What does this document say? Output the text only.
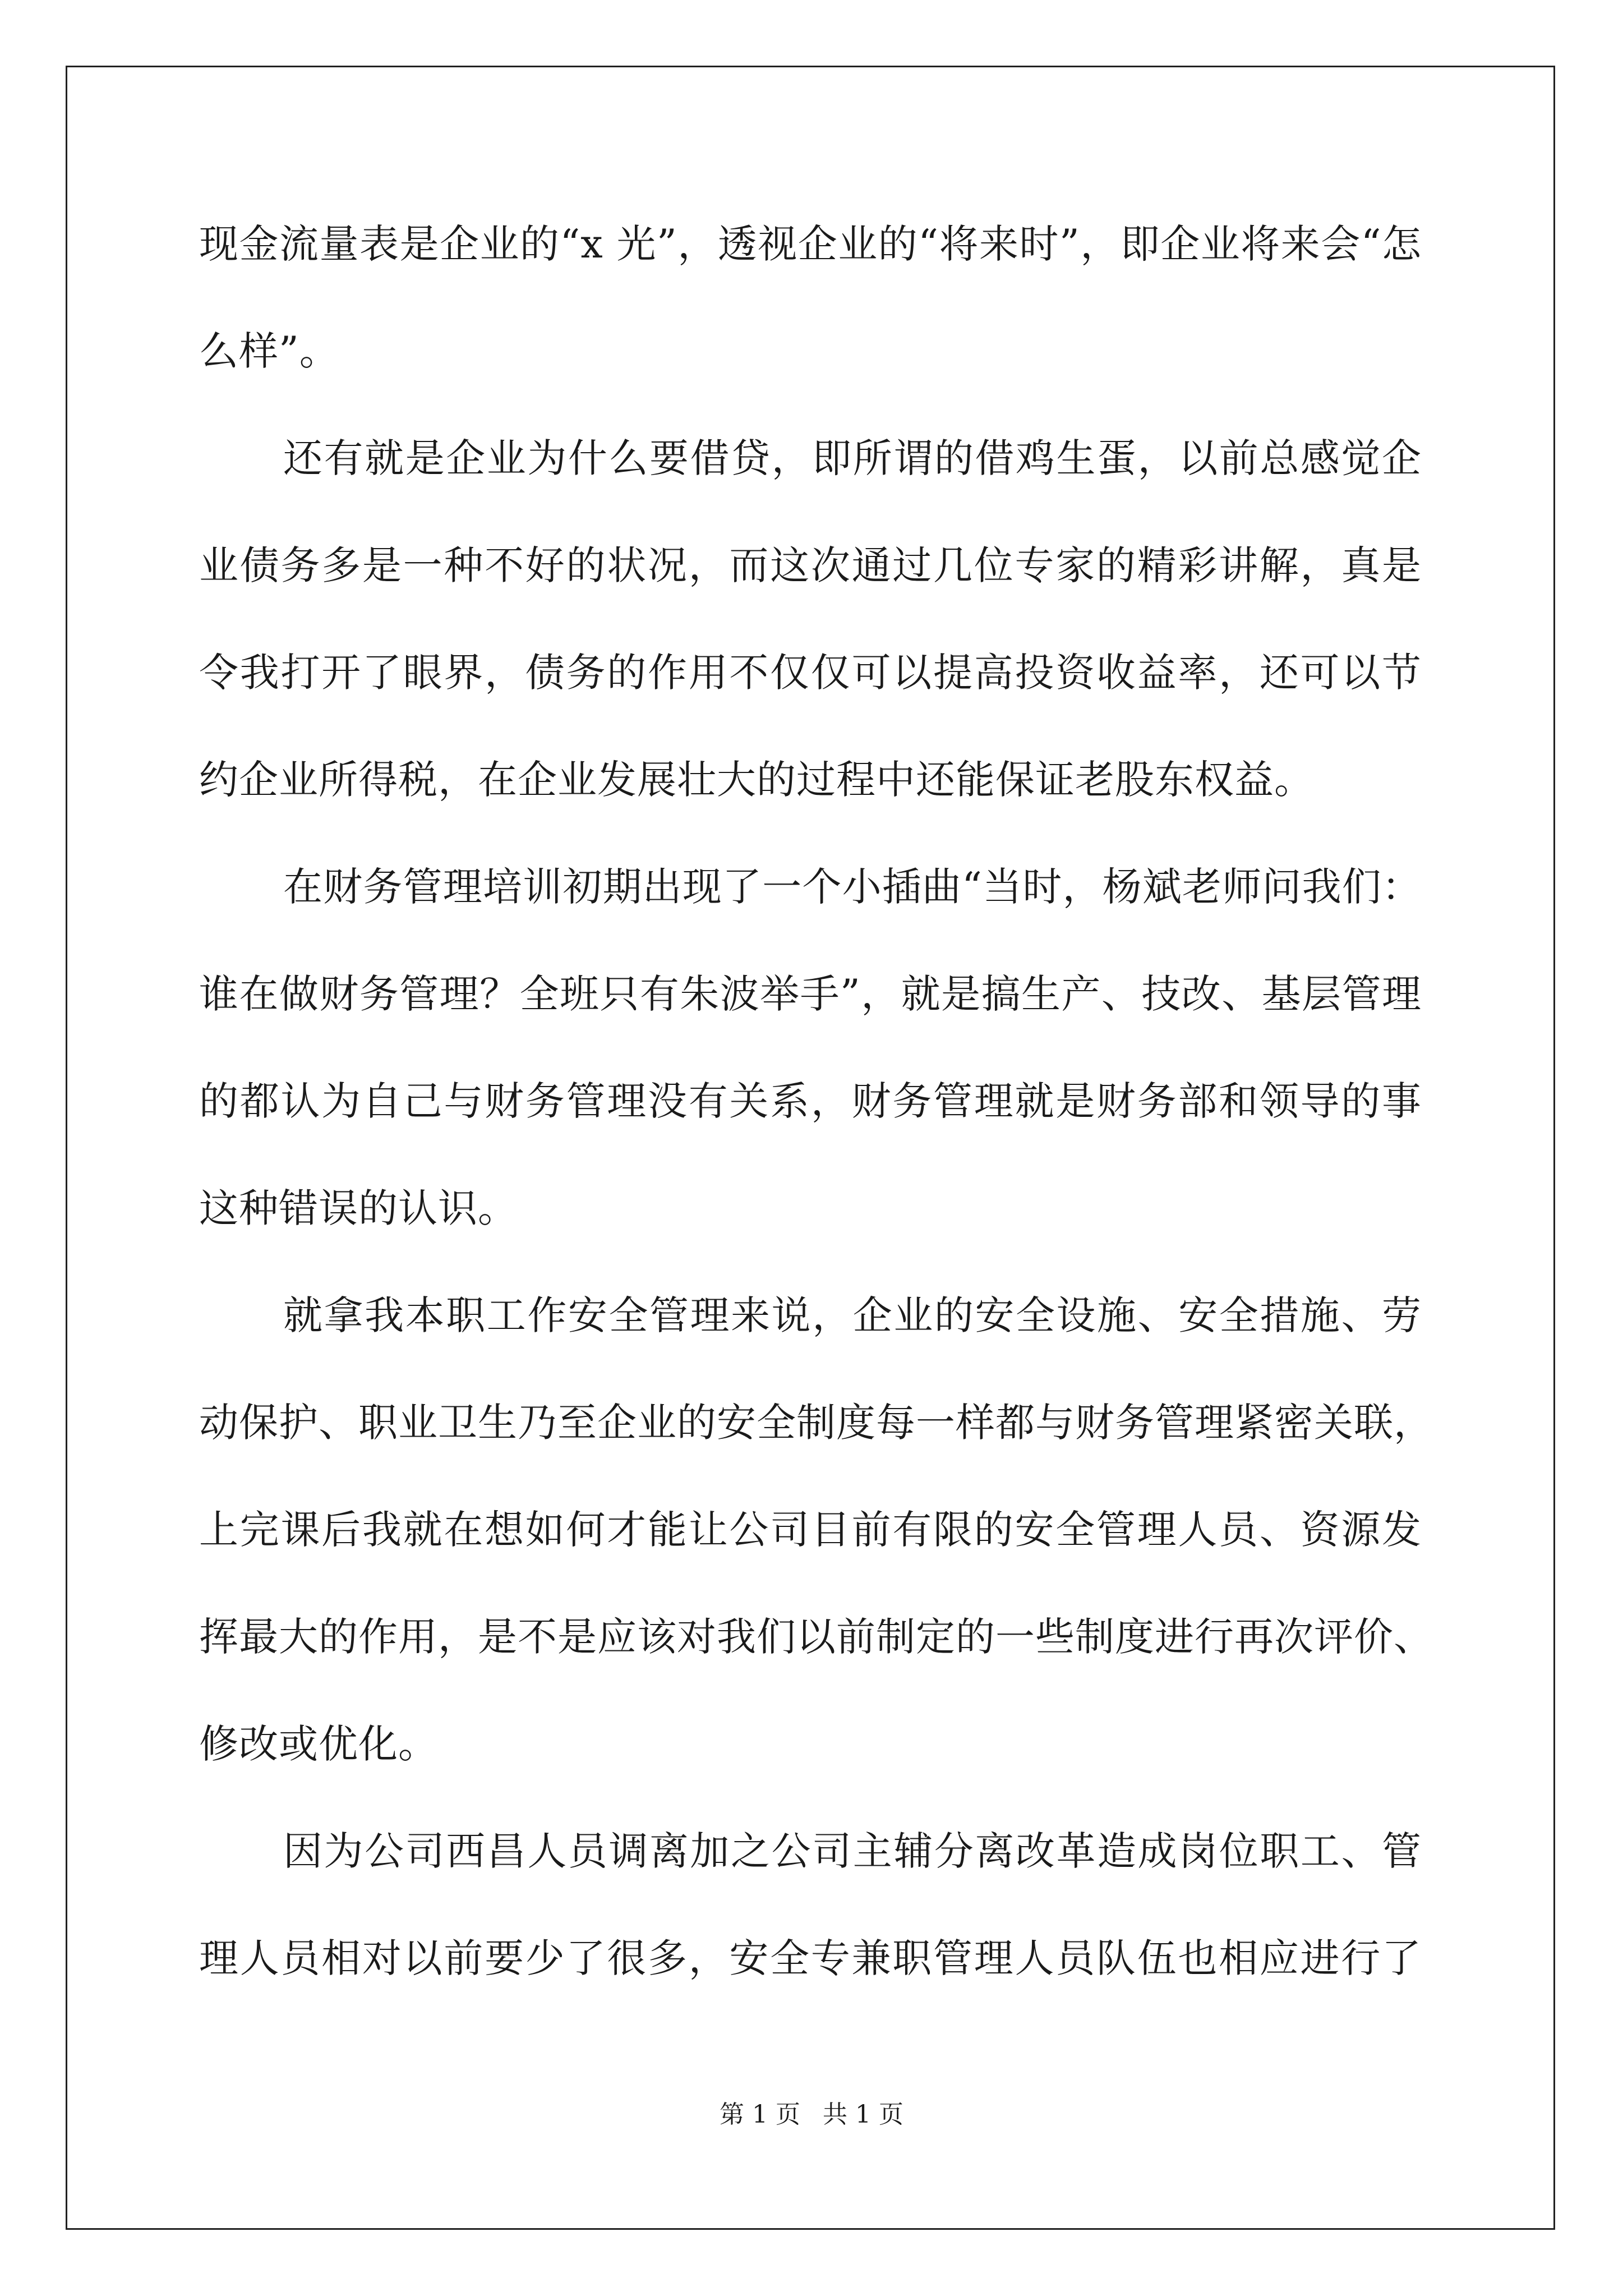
现金流量表是企业的“x 光”，透视企业的“将来时”，即企业将来会“怎
么样”。
还有就是企业为什么要借贷，即所谓的借鸡生蛋，以前总感觉企
业债务多是一种不好的状况，而这次通过几位专家的精彩讲解，真是
令我打开了眼界，债务的作用不仅仅可以提高投资收益率，还可以节
约企业所得税，在企业发展壮大的过程中还能保证老股东权益。
在财务管理培训初期出现了一个小插曲“当时，杨斌老师问我们：
谁在做财务管理？全班只有朱波举手”，就是搞生产、技改、基层管理
的都认为自己与财务管理没有关系，财务管理就是财务部和领导的事
这种错误的认识。
就拿我本职工作安全管理来说，企业的安全设施、安全措施、劳
动保护、职业卫生乃至企业的安全制度每一样都与财务管理紧密关联，
上完课后我就在想如何才能让公司目前有限的安全管理人员、资源发
挥最大的作用，是不是应该对我们以前制定的一些制度进行再次评价、
修改或优化。
因为公司西昌人员调离加之公司主辅分离改革造成岗位职工、管
理人员相对以前要少了很多，安全专兼职管理人员队伍也相应进行了
第 1 页 共 1 页
